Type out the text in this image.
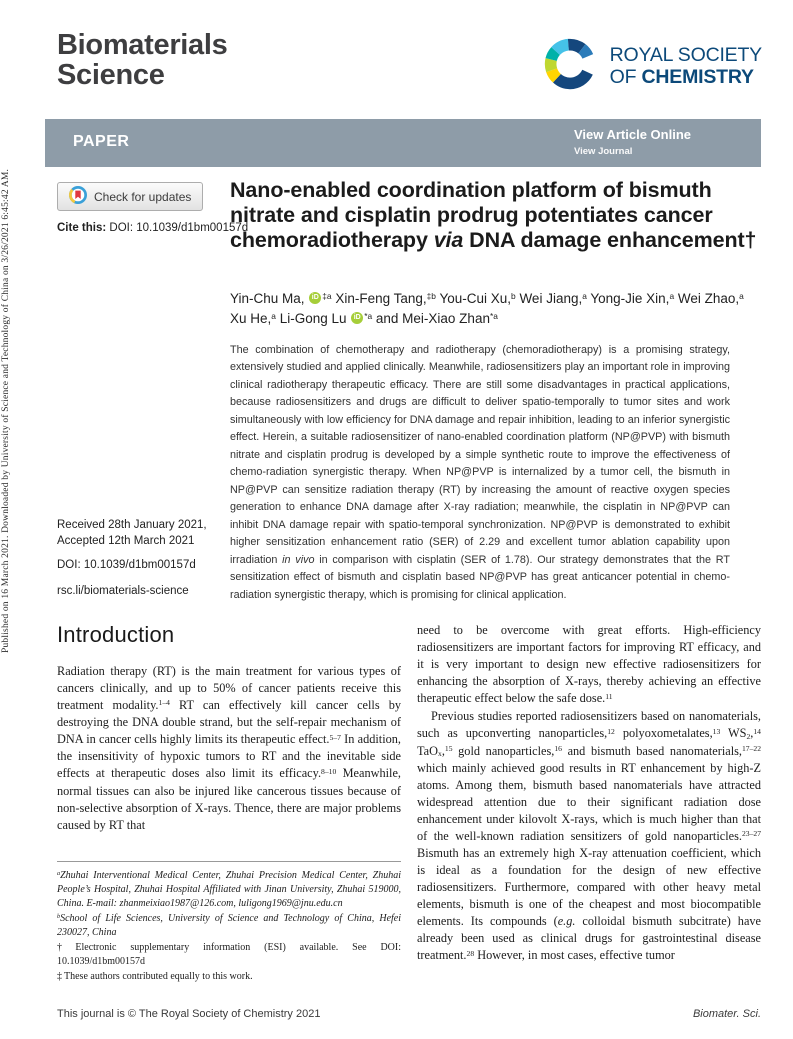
Published on 16 March 2021. Downloaded by University of Science and Technology of China on 3/26/2021 6:45:42 AM.
Biomaterials
Science
ROYAL SOCIETY
OF CHEMISTRY
PAPER	View Article Online
View Journal
Check for updates
Cite this: DOI: 10.1039/d1bm00157d
Nano-enabled coordination platform of bismuth nitrate and cisplatin prodrug potentiates cancer chemoradiotherapy via DNA damage enhancement†
Yin-Chu Ma, $iD^{\ddagger a}$ Xin-Feng Tang,$^{\ddagger b}$ You-Cui Xu,$^b$ Wei Jiang,$^a$ Yong-Jie Xin,$^a$ Wei Zhao,$^a$ Xu He,$^a$ Li-Gong Lu $iD^{*a}$ and Mei-Xiao Zhan$^{*a}$
The combination of chemotherapy and radiotherapy (chemoradiotherapy) is a promising strategy, extensively studied and applied clinically. Meanwhile, radiosensitizers play an important role in improving clinical radiotherapy therapeutic efficacy. There are still some disadvantages in practical applications, because radiosensitizers and drugs are difficult to deliver spatio-temporally to tumor sites and work simultaneously with low efficiency for DNA damage and repair inhibition, leading to an inferior synergistic effect. Herein, a suitable radiosensitizer of nano-enabled coordination platform (NP@PVP) with bismuth nitrate and cisplatin prodrug is developed by a simple synthetic route to improve the effectiveness of chemo-radiation synergistic therapy. When NP@PVP is internalized by a tumor cell, the bismuth in NP@PVP can sensitize radiation therapy (RT) by increasing the amount of reactive oxygen species generation to enhance DNA damage after X-ray radiation; meanwhile, the cisplatin in NP@PVP can inhibit DNA damage repair with spatio-temporal synchronization. NP@PVP is demonstrated to exhibit higher sensitization enhancement ratio (SER) of 2.29 and excellent tumor ablation capability upon irradiation in vivo in comparison with cisplatin (SER of 1.78). Our strategy demonstrates that the RT sensitization effect of bismuth and cisplatin based NP@PVP has great anticancer potential in chemo-radiation synergistic therapy, which is promising for clinical application.
Received 28th January 2021,
Accepted 12th March 2021
DOI: 10.1039/d1bm00157d
rsc.li/biomaterials-science
Introduction

Radiation therapy (RT) is the main treatment for various types of cancers clinically, and up to 50% of cancer patients receive this treatment modality.$^{1-4}$ RT can effectively kill cancer cells by destroying the DNA double strand, but the self-repair mechanism of DNA in cancer cells highly limits its therapeutic effect.$^{5-7}$ In addition, the insensitivity of hypoxic tumors to RT and the inevitable side effects at therapeutic doses also limit its efficacy.$^{8-10}$ Meanwhile, normal tissues can also be injured like cancerous tissues because of non-selective absorption of X-rays. Thence, there are major problems caused by RT that

$^a$Zhuhai Interventional Medical Center, Zhuhai Precision Medical Center, Zhuhai People’s Hospital, Zhuhai Hospital Affiliated with Jinan University, Zhuhai 519000, China. E-mail: zhanmeixiao1987@126.com, luligong1969@jnu.edu.cn

$^b$School of Life Sciences, University of Science and Technology of China, Hefei 230027, China

† Electronic supplementary information (ESI) available. See DOI: 10.1039/d1bm00157d

‡ These authors contributed equally to this work.

need to be overcome with great efforts. High-efficiency radiosensitizers are important factors for improving RT efficacy, and it is very important to design new effective radiosensitizers for enhancing the absorption of X-rays, thereby achieving an effective therapeutic effect below the safe dose.$^{11}$

Previous studies reported radiosensitizers based on nanomaterials, such as upconverting nanoparticles,$^{12}$ polyoxometalates,$^{13}$ $WS_2,^{14}$ TaO$_x$,$^{15}$ gold nanoparticles,$^{16}$ and bismuth based nanomaterials,$^{17-22}$ which mainly achieved good results in RT enhancement by high-Z atoms. Among them, bismuth based nanomaterials have attracted widespread attention due to their significant radiation dose enhancement under kilovolt X-rays, which is much higher than that of the well-known radiation sensitizers of gold nanoparticles.$^{23-27}$ Bismuth has an extremely high X-ray attenuation coefficient, which is ideal as a foundation for the design of new effective radiosensitizers. Furthermore, compared with other heavy metal elements, bismuth is one of the cheapest and most biocompatible elements. Its compounds (e.g. colloidal bismuth subcitrate) have already been used as clinical drugs for gastrointestinal disease treatment.$^{28}$ However, in most cases, effective tumor

This journal is © The Royal Society of Chemistry 2021	Biomater. Sci.
